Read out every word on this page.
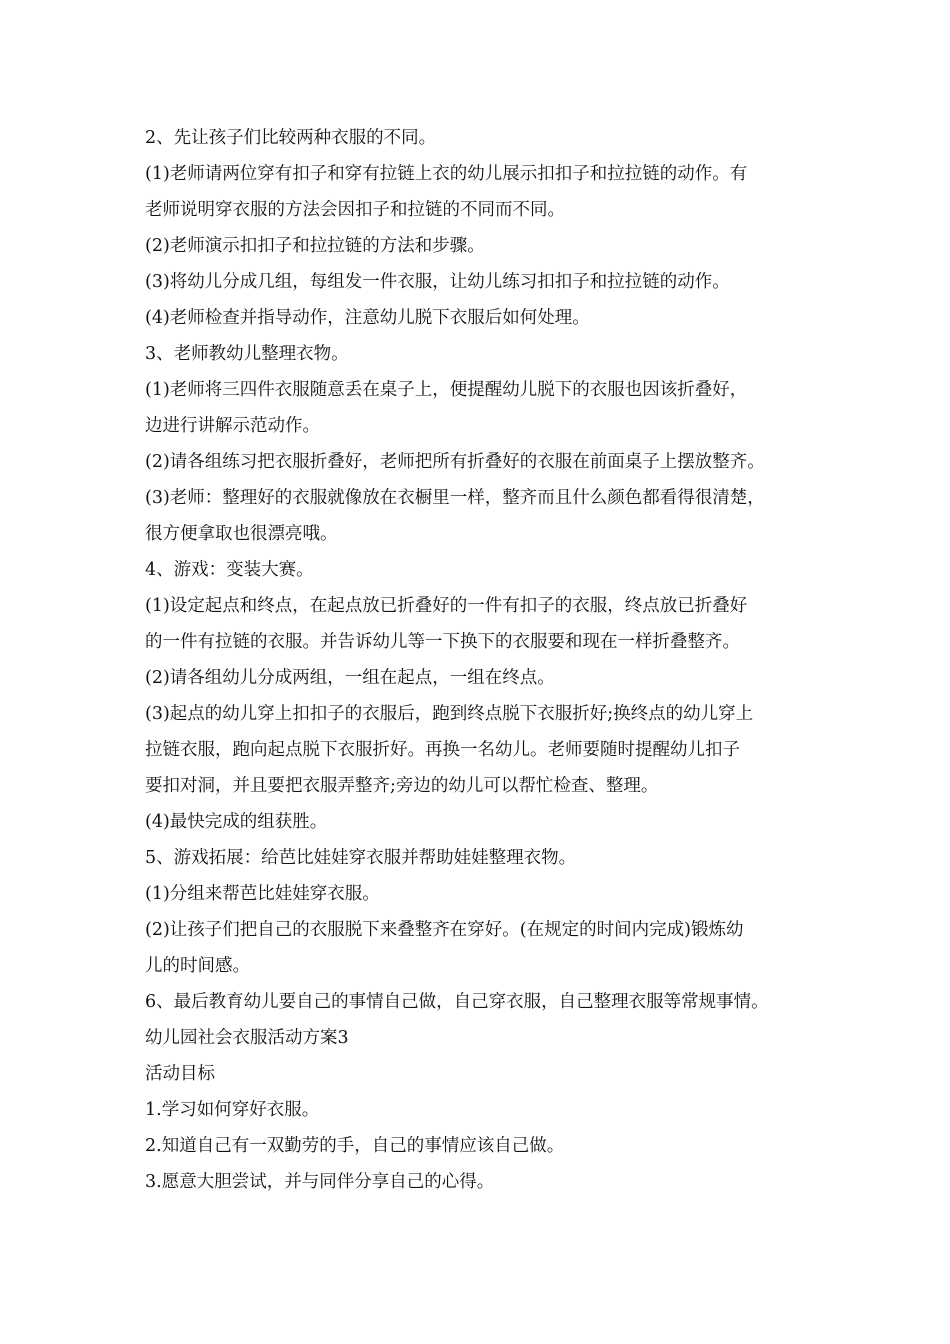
2、先让孩子们比较两种衣服的不同。

(1)老师请两位穿有扣子和穿有拉链上衣的幼儿展示扣扣子和拉拉链的动作。有

老师说明穿衣服的方法会因扣子和拉链的不同而不同。

(2)老师演示扣扣子和拉拉链的方法和步骤。

(3)将幼儿分成几组，每组发一件衣服，让幼儿练习扣扣子和拉拉链的动作。

(4)老师检查并指导动作，注意幼儿脱下衣服后如何处理。

3、老师教幼儿整理衣物。

(1)老师将三四件衣服随意丢在桌子上，便提醒幼儿脱下的衣服也因该折叠好，

边进行讲解示范动作。

(2)请各组练习把衣服折叠好，老师把所有折叠好的衣服在前面桌子上摆放整齐。

(3)老师：整理好的衣服就像放在衣橱里一样，整齐而且什么颜色都看得很清楚，

很方便拿取也很漂亮哦。

4、游戏：变装大赛。

(1)设定起点和终点，在起点放已折叠好的一件有扣子的衣服，终点放已折叠好

的一件有拉链的衣服。并告诉幼儿等一下换下的衣服要和现在一样折叠整齐。

(2)请各组幼儿分成两组，一组在起点，一组在终点。

(3)起点的幼儿穿上扣扣子的衣服后，跑到终点脱下衣服折好;换终点的幼儿穿上

拉链衣服，跑向起点脱下衣服折好。再换一名幼儿。老师要随时提醒幼儿扣子

要扣对洞，并且要把衣服弄整齐;旁边的幼儿可以帮忙检查、整理。

(4)最快完成的组获胜。

5、游戏拓展：给芭比娃娃穿衣服并帮助娃娃整理衣物。

(1)分组来帮芭比娃娃穿衣服。

(2)让孩子们把自己的衣服脱下来叠整齐在穿好。(在规定的时间内完成)锻炼幼

儿的时间感。

6、最后教育幼儿要自己的事情自己做，自己穿衣服，自己整理衣服等常规事情。

幼儿园社会衣服活动方案3

活动目标

1.学习如何穿好衣服。

2.知道自己有一双勤劳的手，自己的事情应该自己做。

3.愿意大胆尝试，并与同伴分享自己的心得。
